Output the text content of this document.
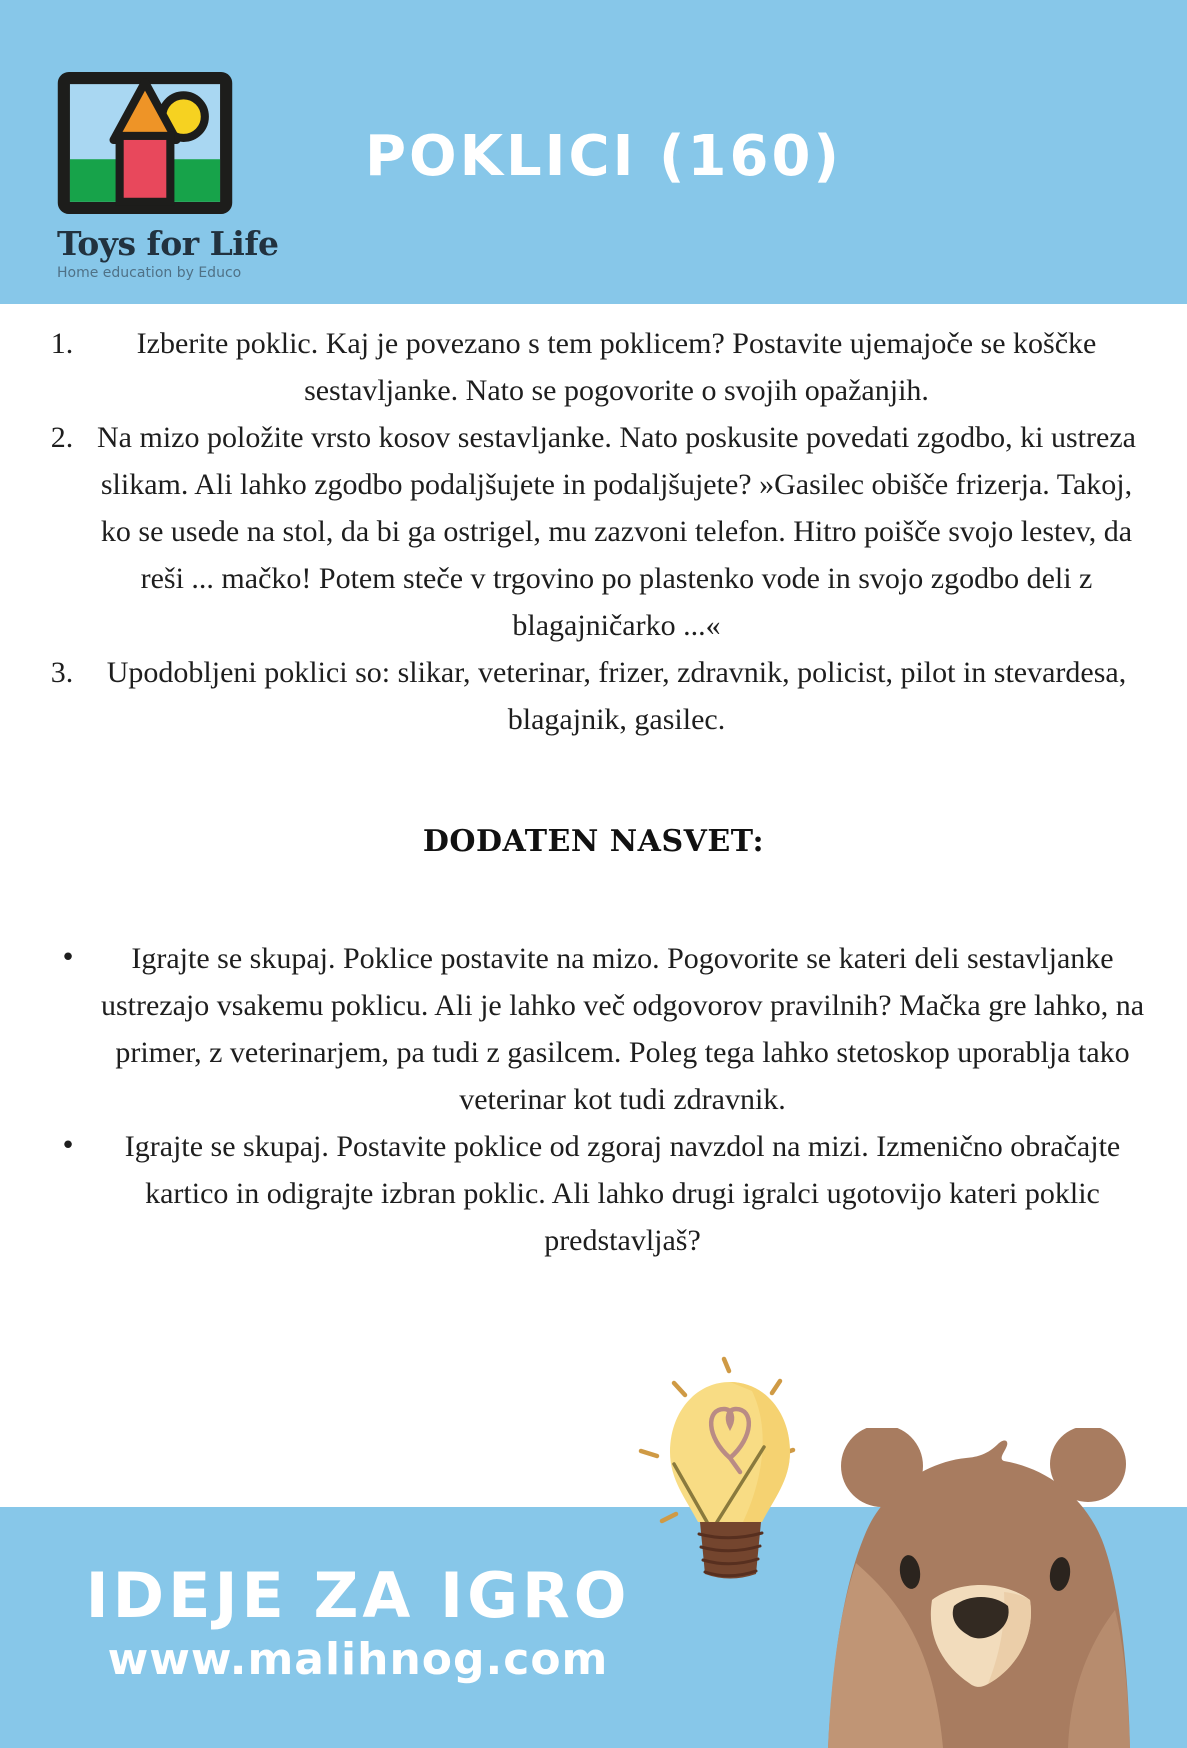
Toys for Life
Home education by Educo
POKLICI (160)
1.	Izberite poklic. Kaj je povezano s tem poklicem? Postavite ujemajoče se koščke sestavljanke. Nato se pogovorite o svojih opažanjih.
2. Na mizo položite vrsto kosov sestavljanke. Nato poskusite povedati zgodbo, ki ustreza slikam. Ali lahko zgodbo podaljšujete in podaljšujete? »Gasilec obišče frizerja. Takoj, ko se usede na stol, da bi ga ostrigel, mu zazvoni telefon. Hitro poišče svojo lestev, da reši ... mačko! Potem steče v trgovino po plastenko vode in svojo zgodbo deli z blagajničarko ...«
3.	Upodobljeni poklici so: slikar, veterinar, frizer, zdravnik, policist, pilot in stevardesa, blagajnik, gasilec.
DODATEN NASVET:
•	Igrajte se skupaj. Poklice postavite na mizo. Pogovorite se kateri deli sestavljanke ustrezajo vsakemu poklicu. Ali je lahko več odgovorov pravilnih? Mačka gre lahko, na primer, z veterinarjem, pa tudi z gasilcem. Poleg tega lahko stetoskop uporablja tako veterinar kot tudi zdravnik.
•	Igrajte se skupaj. Postavite poklice od zgoraj navzdol na mizi. Izmenično obračajte kartico in odigrajte izbran poklic. Ali lahko drugi igralci ugotovijo kateri poklic predstavljaš?
IDEJE ZA IGRO
www.malihnog.com
